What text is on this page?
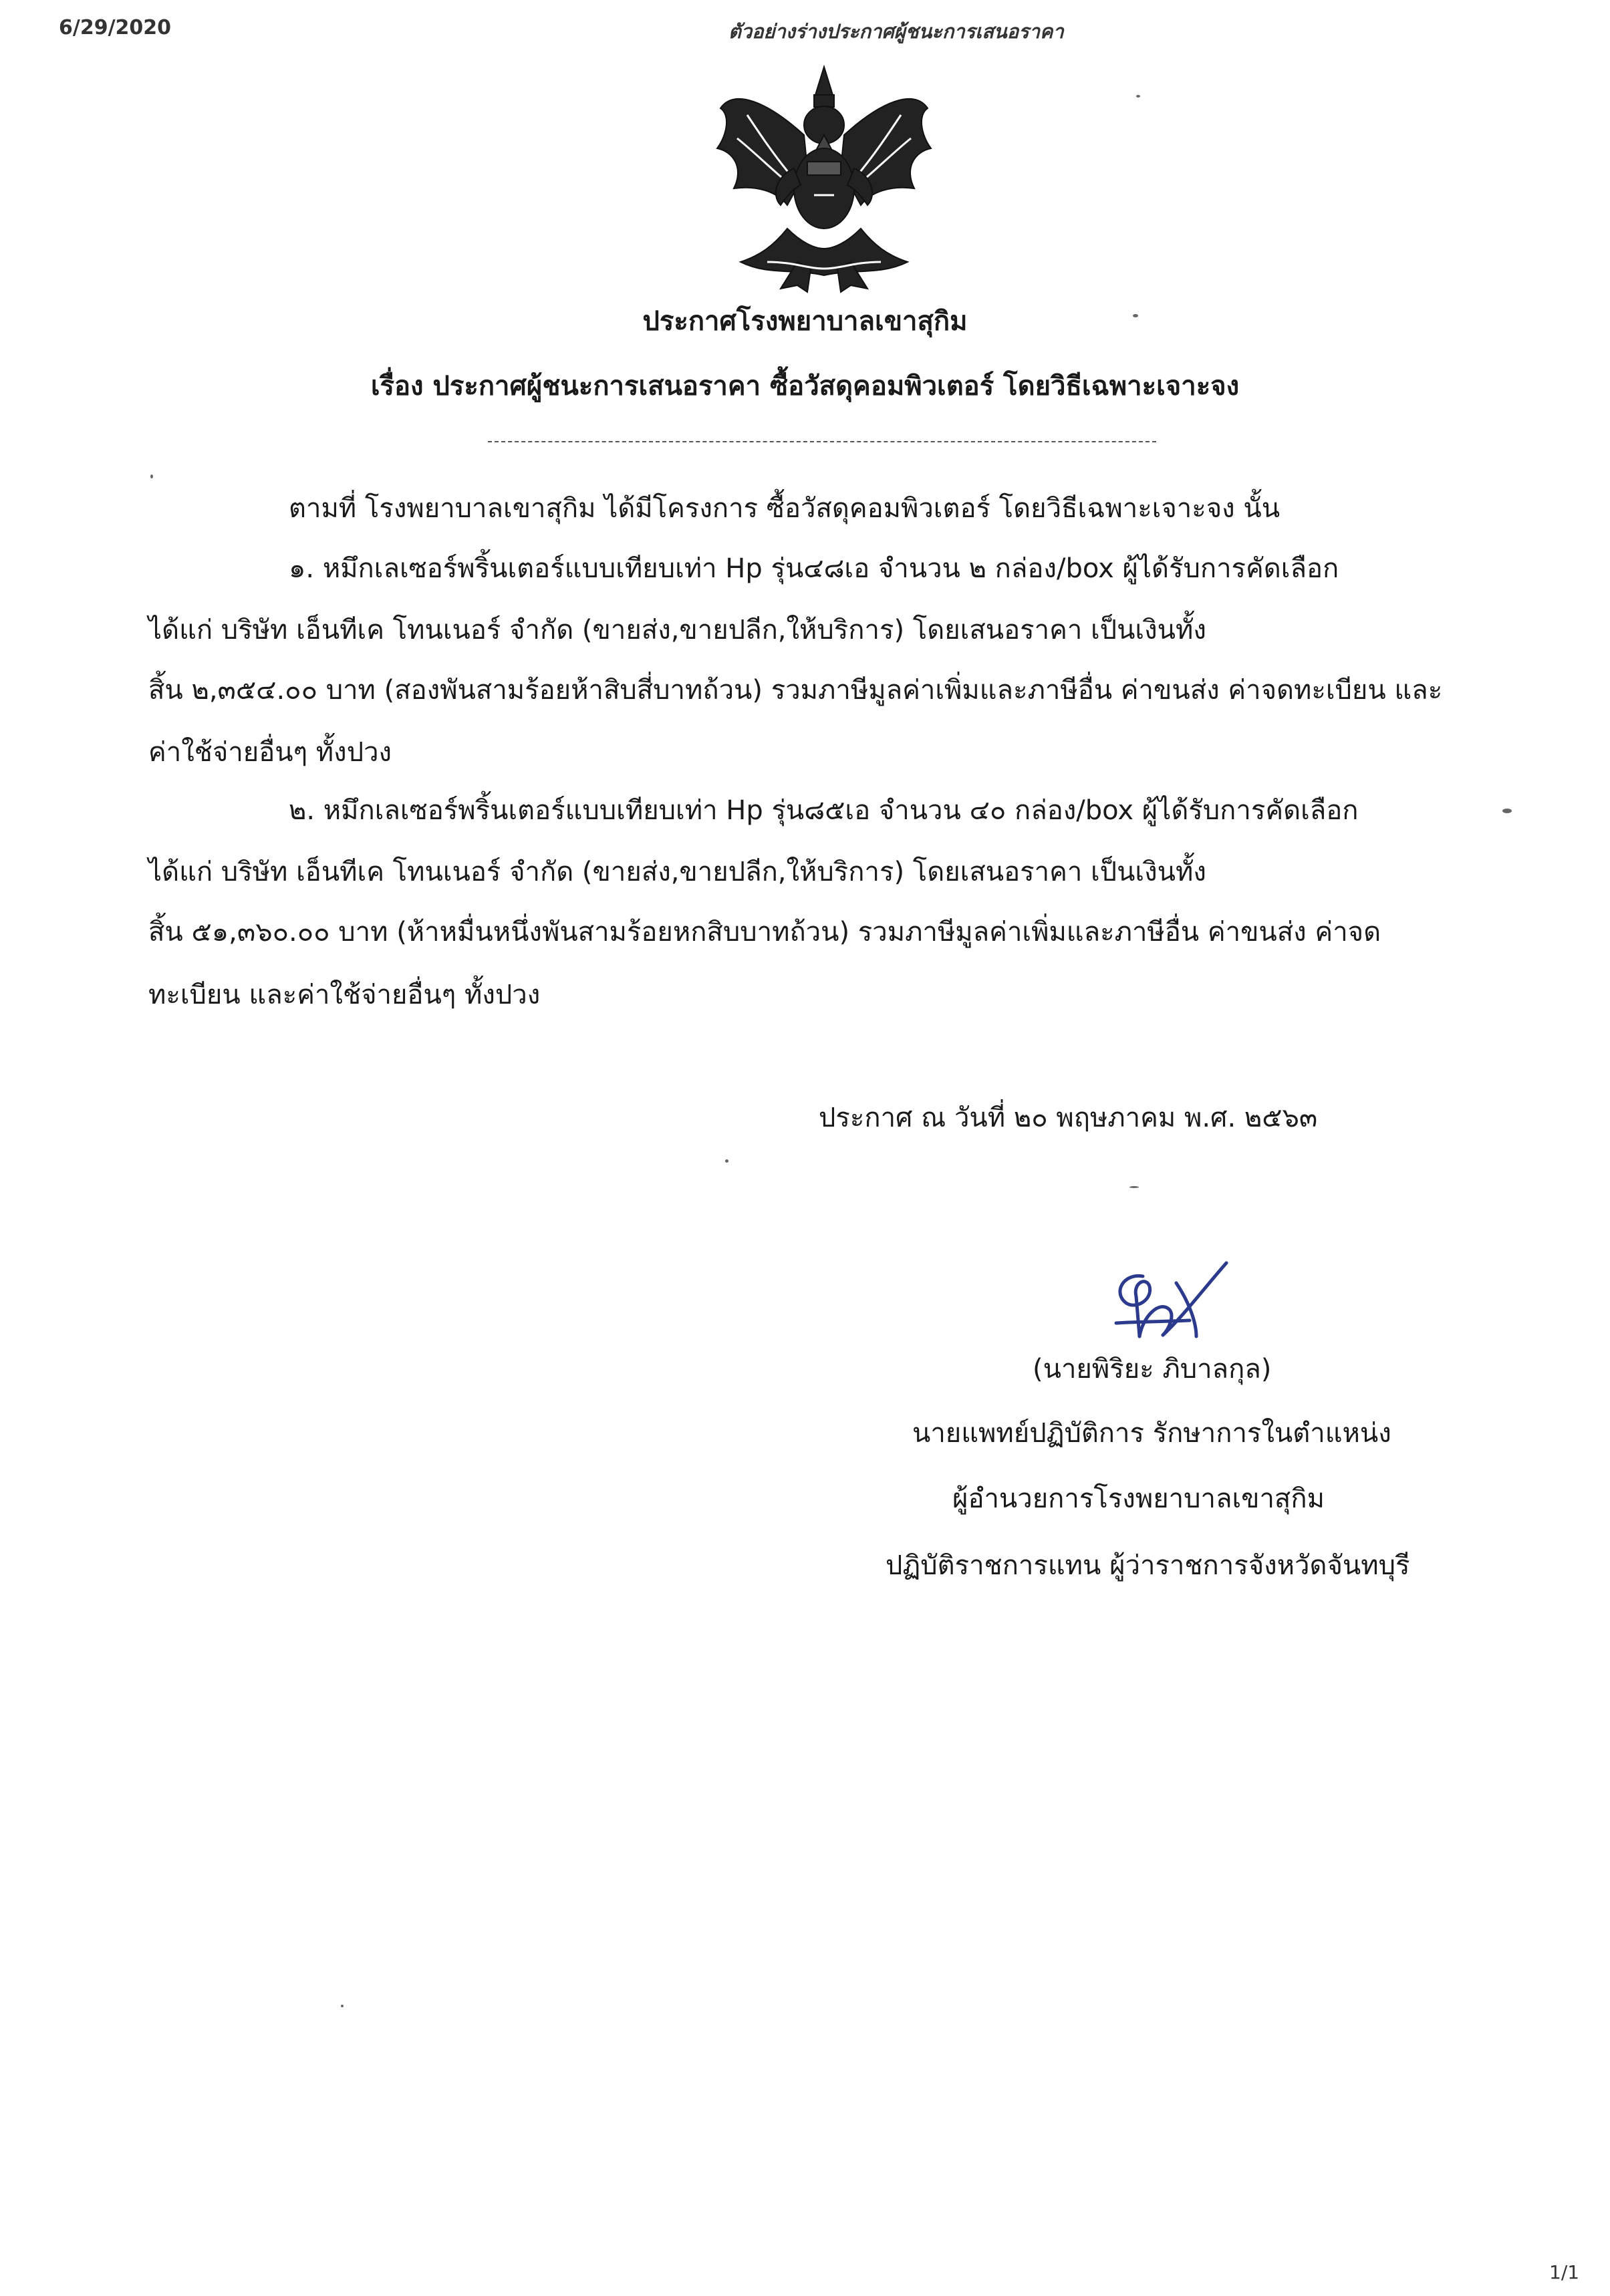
6/29/2020	ตัวอย่างร่างประกาศผู้ชนะการเสนอราคา
ประกาศโรงพยาบาลเขาสุกิม
เรื่อง ประกาศผู้ชนะการเสนอราคา ซื้อวัสดุคอมพิวเตอร์ โดยวิธีเฉพาะเจาะจง
ตามที่ โรงพยาบาลเขาสุกิม ได้มีโครงการ ซื้อวัสดุคอมพิวเตอร์ โดยวิธีเฉพาะเจาะจง นั้น
๑. หมึกเลเซอร์พริ้นเตอร์แบบเทียบเท่า Hp รุ่น๔๘เอ จำนวน ๒ กล่อง/box ผู้ได้รับการคัดเลือก
ได้แก่ บริษัท เอ็นทีเค โทนเนอร์ จำกัด (ขายส่ง,ขายปลีก,ให้บริการ) โดยเสนอราคา เป็นเงินทั้ง
สิ้น ๒,๓๕๔.๐๐ บาท (สองพันสามร้อยห้าสิบสี่บาทถ้วน) รวมภาษีมูลค่าเพิ่มและภาษีอื่น ค่าขนส่ง ค่าจดทะเบียน และ
ค่าใช้จ่ายอื่นๆ ทั้งปวง
๒. หมึกเลเซอร์พริ้นเตอร์แบบเทียบเท่า Hp รุ่น๘๕เอ จำนวน ๔๐ กล่อง/box ผู้ได้รับการคัดเลือก
ได้แก่ บริษัท เอ็นทีเค โทนเนอร์ จำกัด (ขายส่ง,ขายปลีก,ให้บริการ) โดยเสนอราคา เป็นเงินทั้ง
สิ้น ๕๑,๓๖๐.๐๐ บาท (ห้าหมื่นหนึ่งพันสามร้อยหกสิบบาทถ้วน) รวมภาษีมูลค่าเพิ่มและภาษีอื่น ค่าขนส่ง ค่าจด
ทะเบียน และค่าใช้จ่ายอื่นๆ ทั้งปวง
ประกาศ ณ วันที่ ๒๐ พฤษภาคม พ.ศ. ๒๕๖๓
(นายพิริยะ ภิบาลกุล)
นายแพทย์ปฏิบัติการ รักษาการในตำแหน่ง
ผู้อำนวยการโรงพยาบาลเขาสุกิม
ปฏิบัติราชการแทน ผู้ว่าราชการจังหวัดจันทบุรี
1/1
